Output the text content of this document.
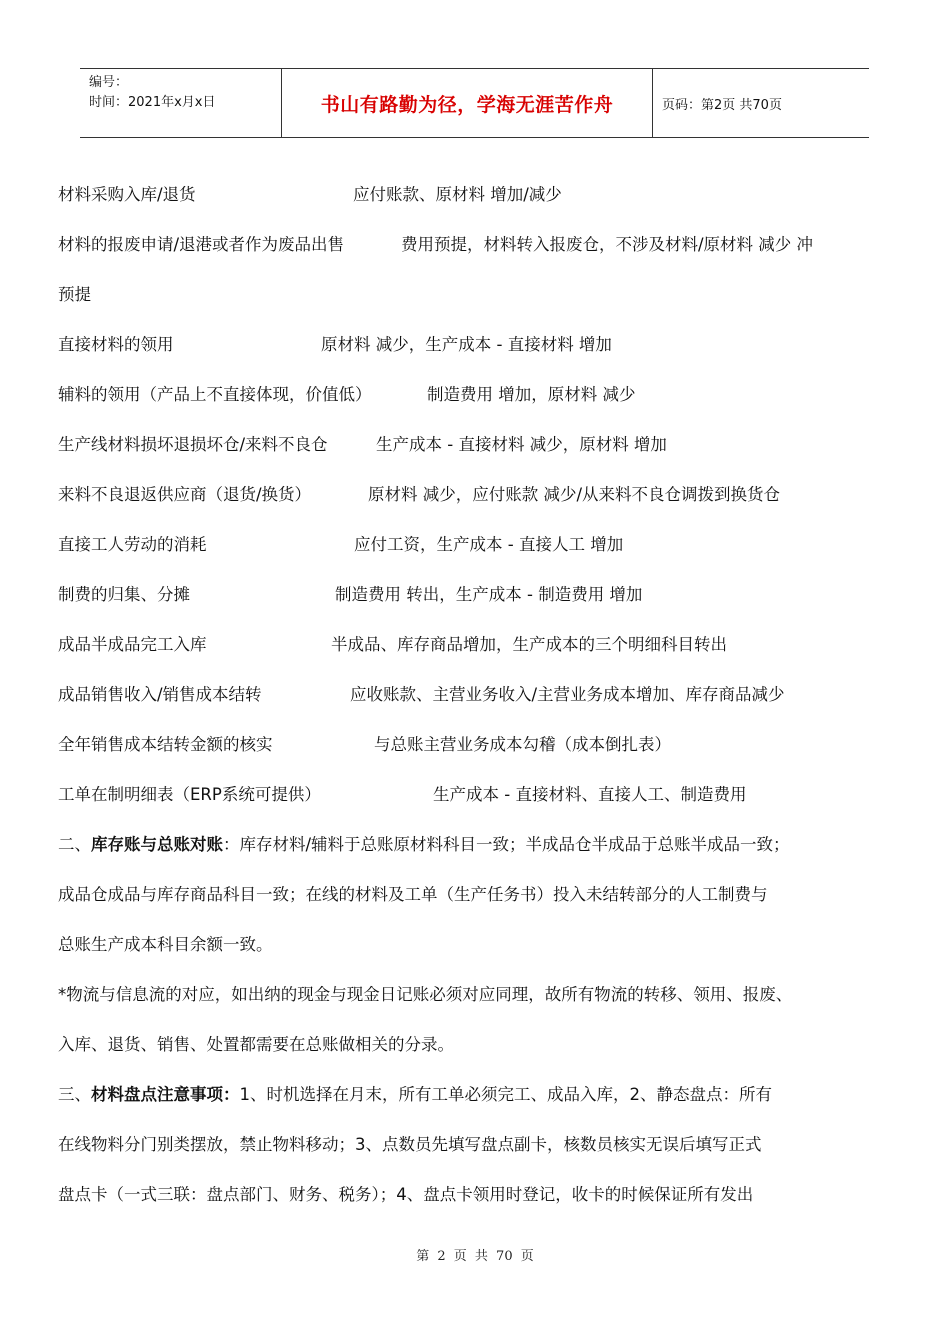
编号：
时间：2021年x月x日	书山有路勤为径，学海无涯苦作舟	页码：第2页 共70页
材料采购入库/退货	应付账款、原材料 增加/减少
材料的报废申请/退港或者作为废品出售	费用预提，材料转入报废仓，不涉及材料/原材料 减少 冲
预提
直接材料的领用	原材料 减少，生产成本 - 直接材料 增加
辅料的领用（产品上不直接体现，价值低）	制造费用 增加，原材料 减少
生产线材料损坏退损坏仓/来料不良仓	生产成本 - 直接材料 减少，原材料 增加
来料不良退返供应商（退货/换货）	原材料 减少，应付账款 减少/从来料不良仓调拨到换货仓
直接工人劳动的消耗	应付工资，生产成本 - 直接人工 增加
制费的归集、分摊	制造费用 转出，生产成本 - 制造费用 增加
成品半成品完工入库	半成品、库存商品增加，生产成本的三个明细科目转出
成品销售收入/销售成本结转	应收账款、主营业务收入/主营业务成本增加、库存商品减少
全年销售成本结转金额的核实	与总账主营业务成本勾稽（成本倒扎表）
工单在制明细表（ERP系统可提供）	生产成本 - 直接材料、直接人工、制造费用
二、库存账与总账对账：库存材料/辅料于总账原材料科目一致；半成品仓半成品于总账半成品一致；
成品仓成品与库存商品科目一致；在线的材料及工单（生产任务书）投入未结转部分的人工制费与
总账生产成本科目余额一致。
*物流与信息流的对应，如出纳的现金与现金日记账必须对应同理，故所有物流的转移、领用、报废、
入库、退货、销售、处置都需要在总账做相关的分录。
三、材料盘点注意事项：1、时机选择在月末，所有工单必须完工、成品入库，2、静态盘点：所有
在线物料分门别类摆放，禁止物料移动；3、点数员先填写盘点副卡，核数员核实无误后填写正式
盘点卡（一式三联：盘点部门、财务、税务）；4、盘点卡领用时登记，收卡的时候保证所有发出
第 2 页 共 70 页
